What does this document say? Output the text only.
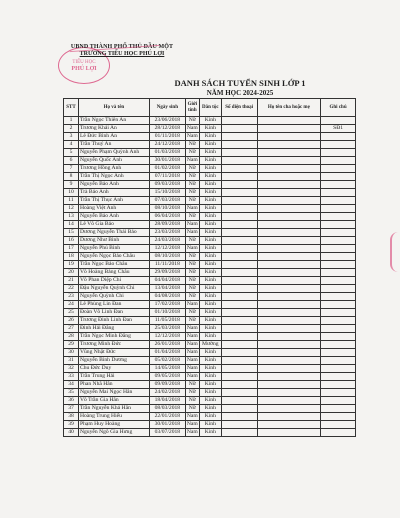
TIỂU HỌC
PHÚ LỢI
UBND THÀNH PHỐ THỦ DẦU MỘT
TRƯỜNG TIỂU HỌC PHÚ LỢI
DANH SÁCH TUYỂN SINH LỚP 1
NĂM HỌC 2024-2025
STT	Họ và tên	Ngày sinh	Giới tính	Dân tộc	Số điện thoại	Họ tên cha hoặc mẹ	Ghi chú
1	Trần Ngọc Thiên An	23/06/2018	Nữ	Kinh			
2	Trương Khải An	28/12/2018	Nam	Kinh			SĐ1
3	Lê Đức Bình An	01/11/2018	Nam	Kinh			
4	Trần Thuý An	24/12/2018	Nữ	Kinh			
5	Nguyễn Phạm Quỳnh Anh	01/03/2018	Nữ	Kinh			
6	Nguyễn Quốc Anh	30/01/2018	Nam	Kinh			
7	Trương Hồng Anh	01/02/2018	Nữ	Kinh			
8	Trần Thị Ngọc Anh	07/11/2018	Nữ	Kinh			
9	Nguyễn Bảo Anh	09/03/2018	Nữ	Kinh			
10	Trà Bảo Anh	15/10/2018	Nữ	Kinh			
11	Trần Thị Thục Anh	07/03/2018	Nữ	Kinh			
12	Hoàng Việt Anh	08/10/2018	Nam	Kinh			
13	Nguyễn Bảo Anh	06/04/2018	Nữ	Kinh			
14	Lê Võ Gia Bảo	28/09/2018	Nam	Kinh			
15	Dương Nguyễn Thái Bảo	23/03/2018	Nam	Kinh			
16	Dương Như Bình	24/03/2018	Nữ	Kinh			
17	Nguyễn Phú Bình	12/12/2018	Nam	Kinh			
18	Nguyễn Ngọc Bảo Châu	08/10/2018	Nữ	Kinh			
19	Trần Ngọc Bảo Châu	11/11/2018	Nữ	Kinh			
20	Võ Hoàng Bảng Châu	29/09/2018	Nữ	Kinh			
21	Võ Phan Diệp Chi	04/04/2018	Nữ	Kinh			
22	Đậu Nguyễn Quỳnh Chi	13/04/2018	Nữ	Kinh			
23	Nguyễn Quỳnh Chi	04/08/2018	Nữ	Kinh			
24	Lê Phùng Lin Đan	17/02/2018	Nam	Kinh			
25	Đoàn Võ Linh Đan	01/10/2018	Nữ	Kinh			
26	Trương Đinh Linh Đan	11/05/2018	Nữ	Kinh			
27	Đinh Hải Đăng	25/03/2018	Nam	Kinh			
28	Trần Ngọc Minh Đăng	12/12/2018	Nam	Kinh			
29	Trương Minh Đức	26/01/2018	Nam	Mường			
30	Vũng Nhật Đức	01/04/2018	Nam	Kinh			
31	Nguyễn Bình Dương	05/02/2018	Nam	Kinh			
32	Chu Đức Duy	14/05/2018	Nam	Kinh			
33	Trần Trung Hải	09/05/2018	Nam	Kinh			
34	Phan Nhã Hân	09/09/2018	Nữ	Kinh			
35	Nguyễn Mai Ngọc Hân	24/02/2018	Nữ	Kinh			
36	Võ Trần Gia Hân	18/04/2018	Nữ	Kinh			
37	Trần Nguyễn Khả Hân	08/03/2018	Nữ	Kinh			
38	Hoàng Trung Hiếu	22/01/2018	Nam	Kinh			
39	Phạm Huy Hoàng	30/01/2018	Nam	Kinh			
40	Nguyễn Ngô Gia Hưng	03/07/2018	Nam	Kinh			
